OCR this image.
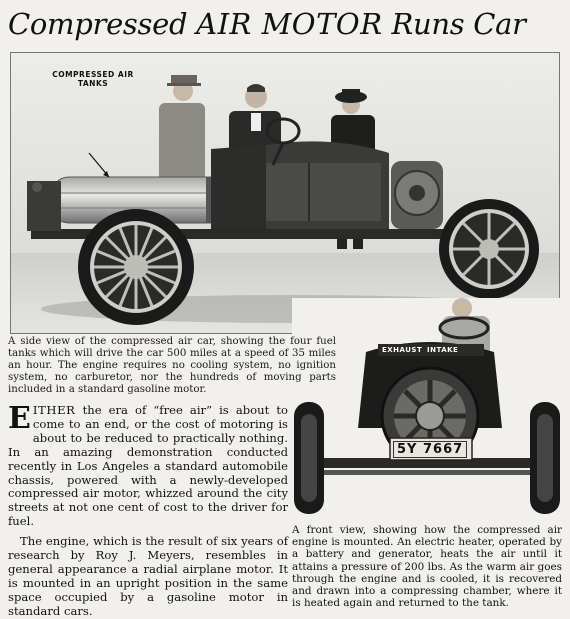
Compressed AIR MOTOR Runs Car
COMPRESSED AIR TANKS
EXHAUST INTAKE
5Y 7667
A side view of the compressed air car, showing the four fuel tanks which will drive the car 500 miles at a speed of 35 miles an hour. The engine requires no cooling system, no ignition system, no carburetor, nor the hundreds of moving parts included in a standard gasoline motor.

EITHER the era of “free air” is about to come to an end, or the cost of motoring is about to be reduced to practically nothing. In an amazing demonstration conducted recently in Los Angeles a standard automobile chassis, powered with a newly-developed compressed air motor, whizzed around the city streets at not one cent of cost to the driver for fuel.

The engine, which is the result of six years of research by Roy J. Meyers, resembles in general appearance a radial airplane motor. It is mounted in an upright position in the same space occupied by a gasoline motor in standard cars.

A front view, showing how the compressed air engine is mounted. An electric heater, operated by a battery and generator, heats the air until it attains a pressure of 200 lbs. As the warm air goes through the engine and is cooled, it is recovered and drawn into a compressing chamber, where it is heated again and returned to the tank.
